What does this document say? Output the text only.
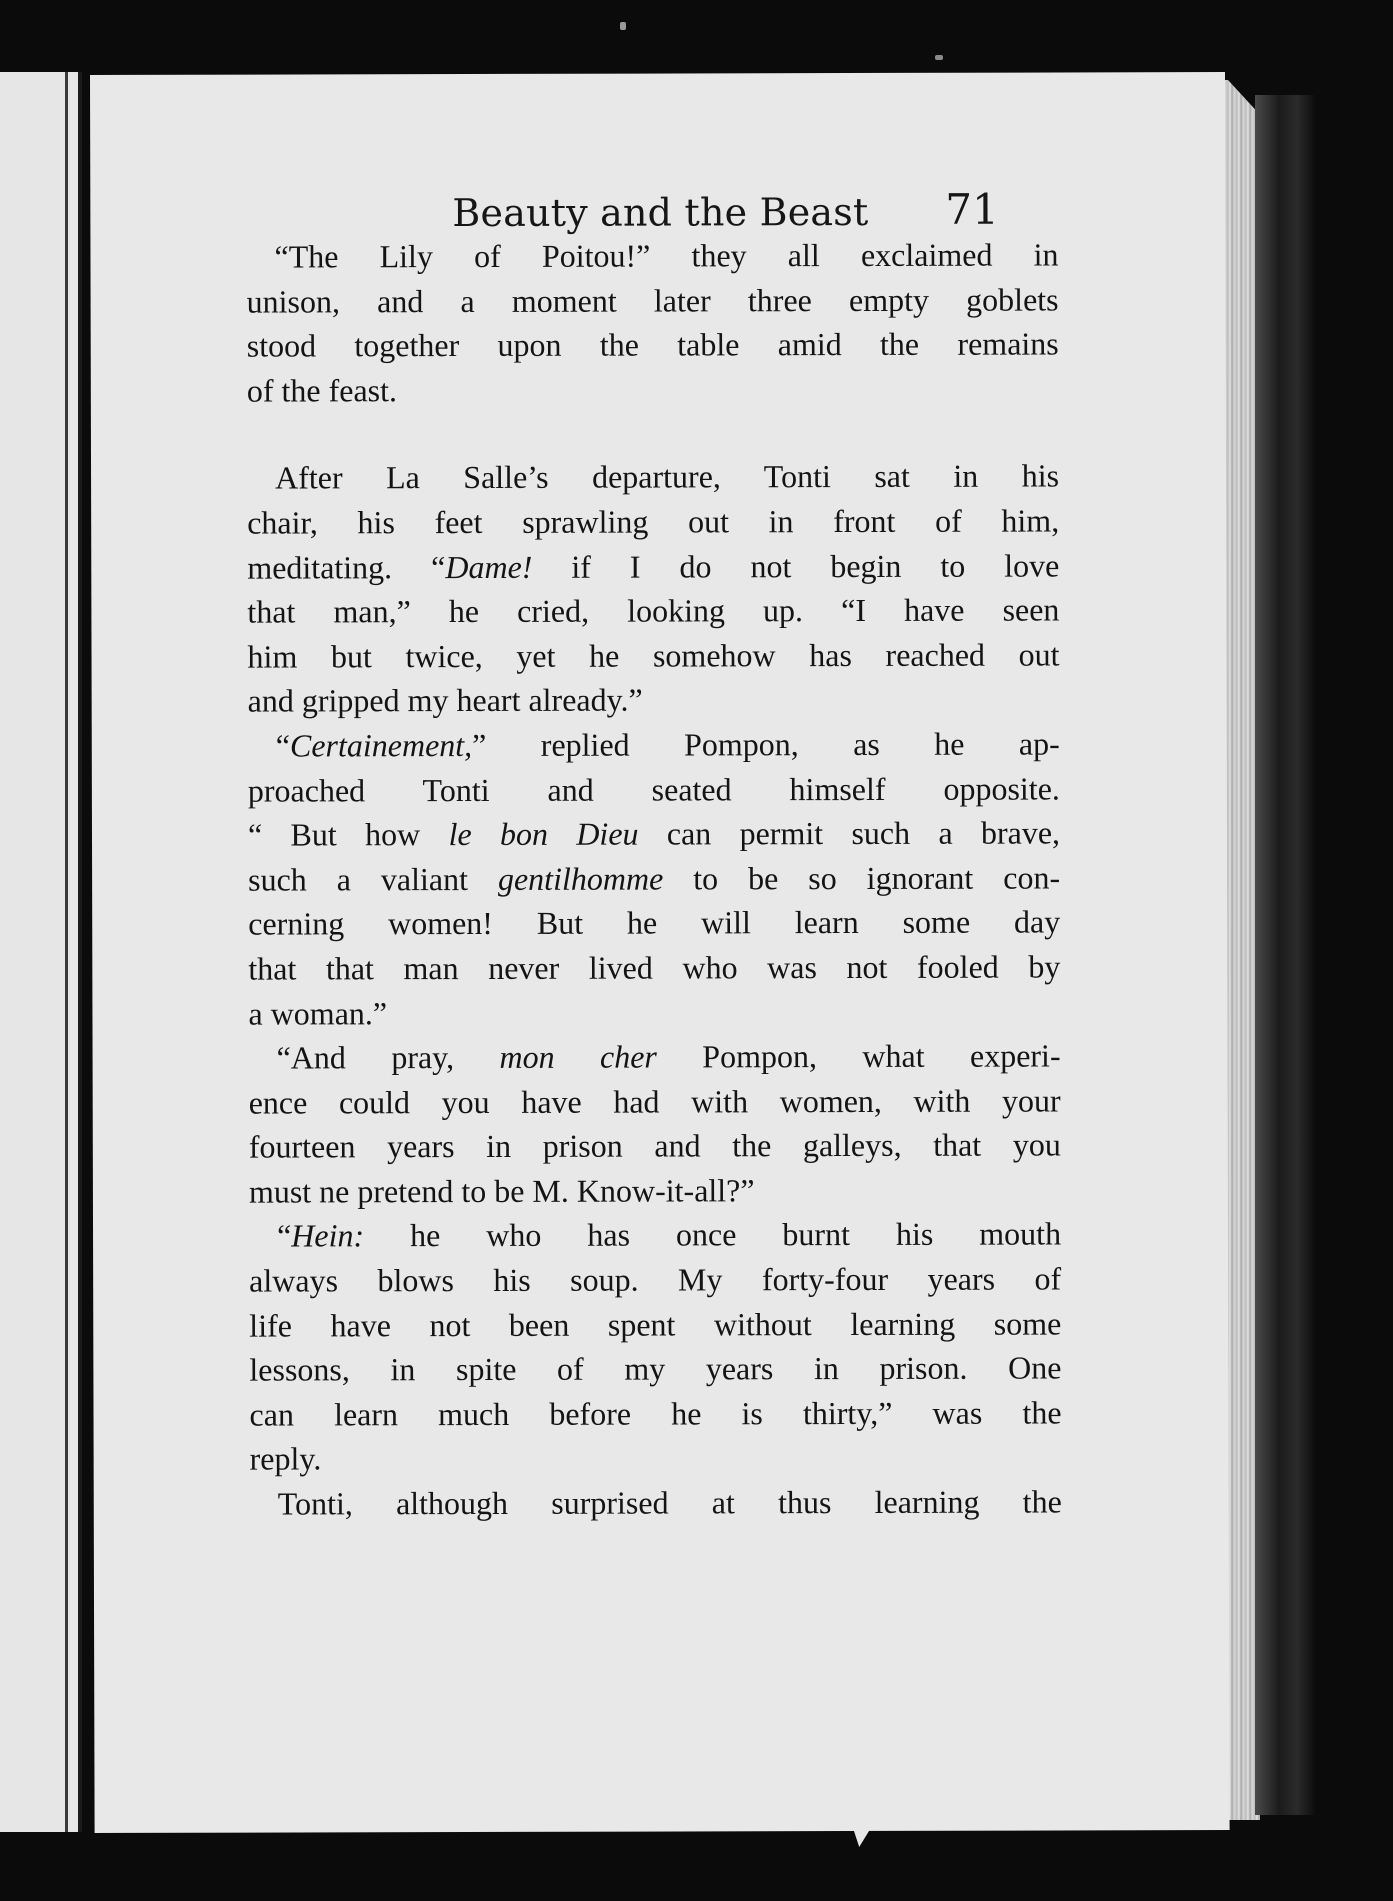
Beauty and the Beast 71
“The Lily of Poitou!” they all exclaimed in
unison, and a moment later three empty goblets
stood together upon the table amid the remains
of the feast.
After La Salle’s departure, Tonti sat in his
chair, his feet sprawling out in front of him,
meditating. “Dame! if I do not begin to love
that man,” he cried, looking up. “I have seen
him but twice, yet he somehow has reached out
and gripped my heart already.”
“Certainement,” replied Pompon, as he ap-
proached Tonti and seated himself opposite.
“ But how le bon Dieu can permit such a brave,
such a valiant gentilhomme to be so ignorant con-
cerning women! But he will learn some day
that that man never lived who was not fooled by
a woman.”
“And pray, mon cher Pompon, what experi-
ence could you have had with women, with your
fourteen years in prison and the galleys, that you
must ne pretend to be M. Know-it-all?”
“Hein: he who has once burnt his mouth
always blows his soup. My forty-four years of
life have not been spent without learning some
lessons, in spite of my years in prison. One
can learn much before he is thirty,” was the
reply.
Tonti, although surprised at thus learning the
